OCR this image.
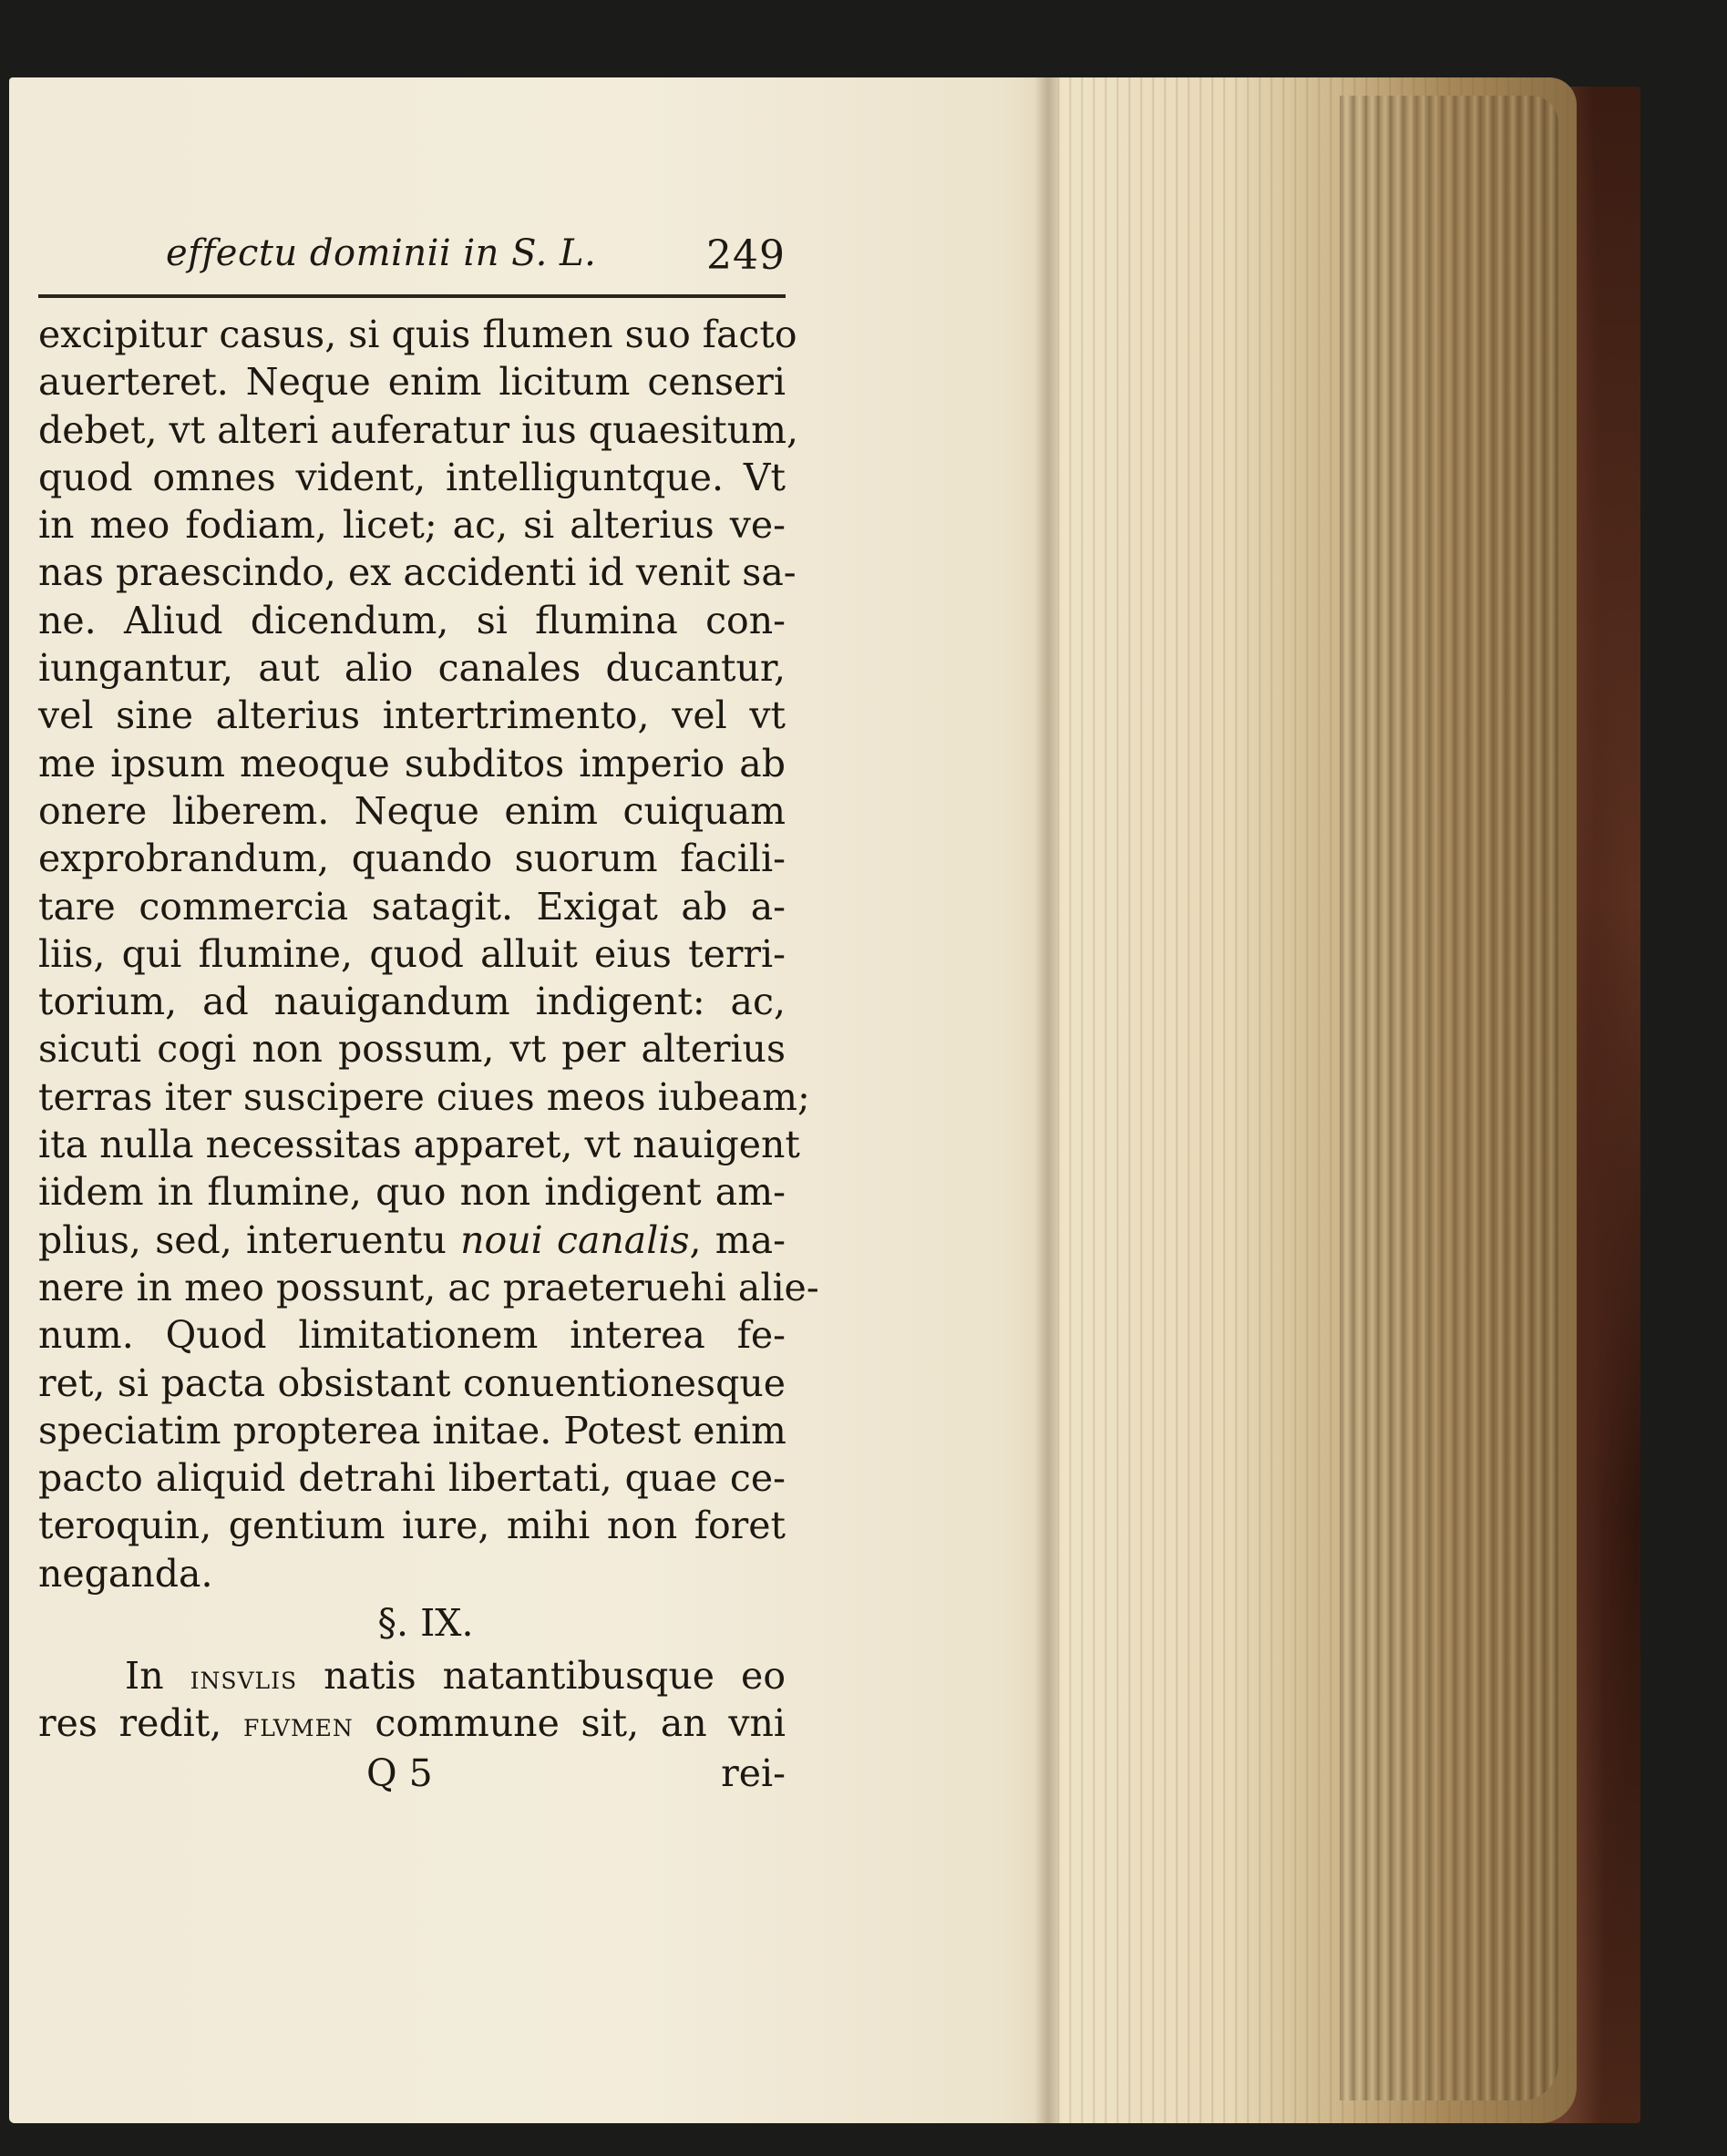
effectu dominii in S. L.	249
excipitur casus, si quis flumen suo facto
auerteret. Neque enim licitum censeri
debet, vt alteri auferatur ius quaesitum,
quod omnes vident, intelliguntque. Vt
in meo fodiam, licet; ac, si alterius ve-
nas praescindo, ex accidenti id venit sa-
ne. Aliud dicendum, si flumina con-
iungantur, aut alio canales ducantur,
vel sine alterius intertrimento, vel vt
me ipsum meoque subditos imperio ab
onere liberem. Neque enim cuiquam
exprobrandum, quando suorum facili-
tare commercia satagit. Exigat ab a-
liis, qui flumine, quod alluit eius terri-
torium, ad nauigandum indigent: ac,
sicuti cogi non possum, vt per alterius
terras iter suscipere ciues meos iubeam;
ita nulla necessitas apparet, vt nauigent
iidem in flumine, quo non indigent am-
plius, sed, interuentu noui canalis, ma-
nere in meo possunt, ac praeteruehi alie-
num. Quod limitationem interea fe-
ret, si pacta obsistant conuentionesque
speciatim propterea initae. Potest enim
pacto aliquid detrahi libertati, quae ce-
teroquin, gentium iure, mihi non foret
neganda.
§. IX.
In insvlis natis natantibusque eo
res redit, flvmen commune sit, an vni
Q 5	rei-
